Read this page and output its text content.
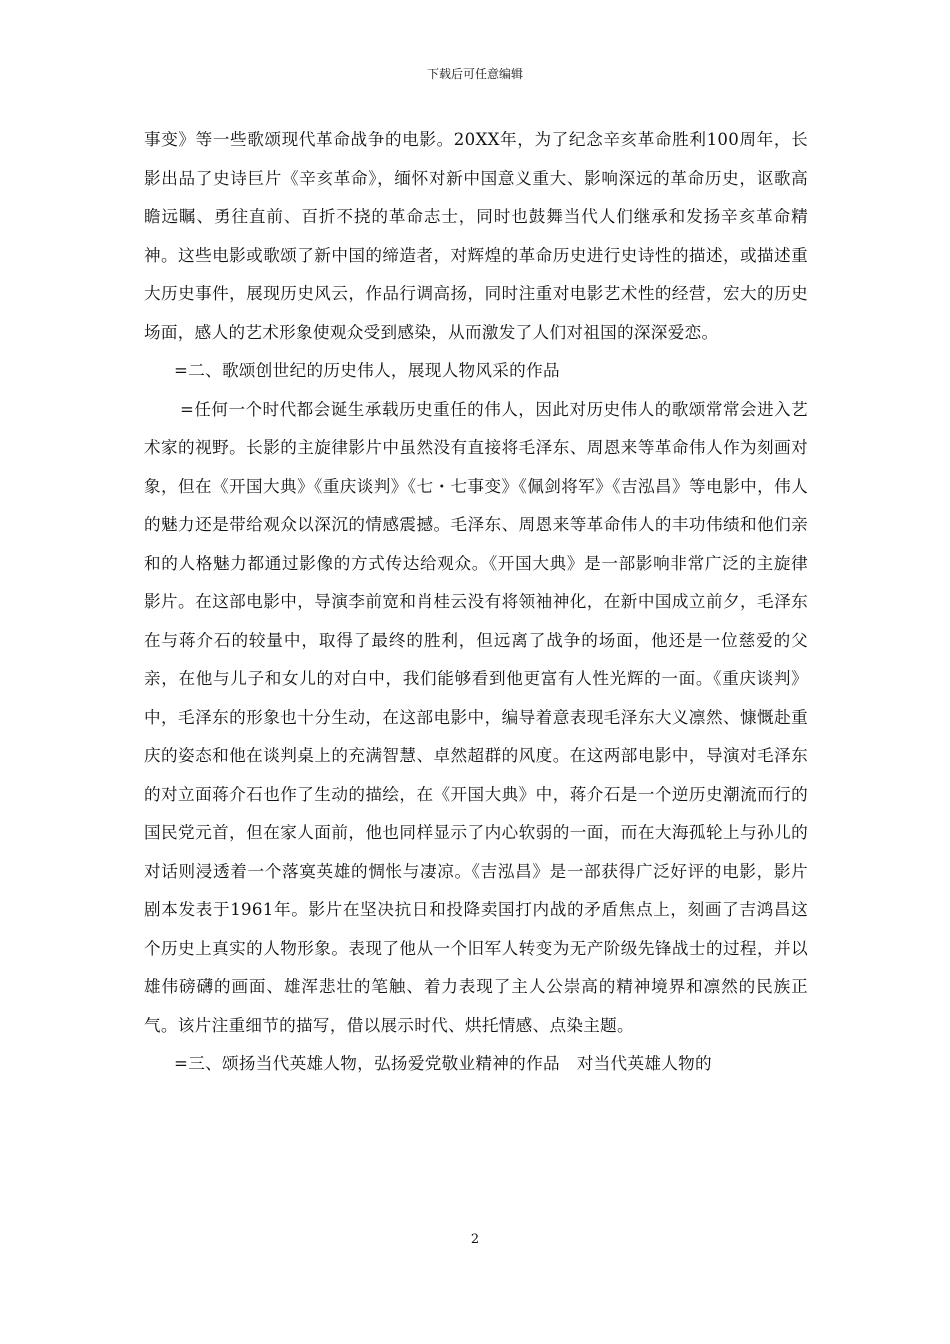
下载后可任意编辑

事变》等一些歌颂现代革命战争的电影。20XX年，为了纪念辛亥革命胜利100周年，长影出品了史诗巨片《辛亥革命》，缅怀对新中国意义重大、影响深远的革命历史，讴歌高瞻远瞩、勇往直前、百折不挠的革命志士，同时也鼓舞当代人们继承和发扬辛亥革命精神。这些电影或歌颂了新中国的缔造者，对辉煌的革命历史进行史诗性的描述，或描述重大历史事件，展现历史风云，作品行调高扬，同时注重对电影艺术性的经营，宏大的历史场面，感人的艺术形象使观众受到感染，从而激发了人们对祖国的深深爱恋。

=二、歌颂创世纪的历史伟人，展现人物风采的作品

=任何一个时代都会诞生承载历史重任的伟人，因此对历史伟人的歌颂常常会进入艺术家的视野。长影的主旋律影片中虽然没有直接将毛泽东、周恩来等革命伟人作为刻画对象，但在《开国大典》《重庆谈判》《七・七事变》《佩剑将军》《吉泓昌》等电影中，伟人的魅力还是带给观众以深沉的情感震撼。毛泽东、周恩来等革命伟人的丰功伟绩和他们亲和的人格魅力都通过影像的方式传达给观众。《开国大典》是一部影响非常广泛的主旋律影片。在这部电影中，导演李前宽和肖桂云没有将领袖神化，在新中国成立前夕，毛泽东在与蒋介石的较量中，取得了最终的胜利，但远离了战争的场面，他还是一位慈爱的父亲，在他与儿子和女儿的对白中，我们能够看到他更富有人性光辉的一面。《重庆谈判》中，毛泽东的形象也十分生动，在这部电影中，编导着意表现毛泽东大义凛然、慷慨赴重庆的姿态和他在谈判桌上的充满智慧、卓然超群的风度。在这两部电影中，导演对毛泽东的对立面蒋介石也作了生动的描绘，在《开国大典》中，蒋介石是一个逆历史潮流而行的国民党元首，但在家人面前，他也同样显示了内心软弱的一面，而在大海孤轮上与孙儿的对话则浸透着一个落寞英雄的惆怅与凄凉。《吉泓昌》是一部获得广泛好评的电影，影片剧本发表于1961年。影片在坚决抗日和投降卖国打内战的矛盾焦点上，刻画了吉鸿昌这个历史上真实的人物形象。表现了他从一个旧军人转变为无产阶级先锋战士的过程，并以雄伟磅礴的画面、雄浑悲壮的笔触、着力表现了主人公崇高的精神境界和凛然的民族正气。该片注重细节的描写，借以展示时代、烘托情感、点染主题。

=三、颂扬当代英雄人物，弘扬爱党敬业精神的作品　对当代英雄人物的

2
